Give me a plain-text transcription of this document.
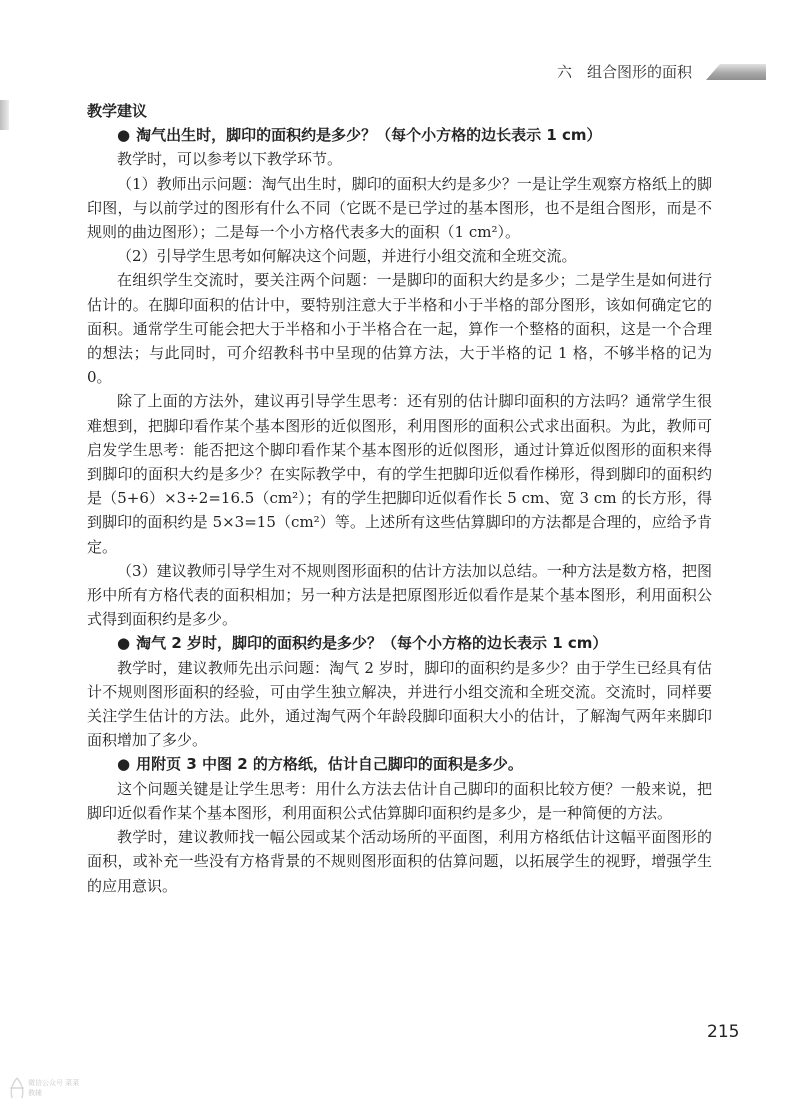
六　组合图形的面积

教学建议

● 淘气出生时，脚印的面积约是多少？（每个小方格的边长表示 1 cm）

教学时，可以参考以下教学环节。

（1）教师出示问题：淘气出生时，脚印的面积大约是多少？一是让学生观察方格纸上的脚印图，与以前学过的图形有什么不同（它既不是已学过的基本图形，也不是组合图形，而是不规则的曲边图形）；二是每一个小方格代表多大的面积（1 cm²）。

（2）引导学生思考如何解决这个问题，并进行小组交流和全班交流。

在组织学生交流时，要关注两个问题：一是脚印的面积大约是多少；二是学生是如何进行估计的。在脚印面积的估计中，要特别注意大于半格和小于半格的部分图形，该如何确定它的面积。通常学生可能会把大于半格和小于半格合在一起，算作一个整格的面积，这是一个合理的想法；与此同时，可介绍教科书中呈现的估算方法，大于半格的记 1 格，不够半格的记为 0。

除了上面的方法外，建议再引导学生思考：还有别的估计脚印面积的方法吗？通常学生很难想到，把脚印看作某个基本图形的近似图形，利用图形的面积公式求出面积。为此，教师可启发学生思考：能否把这个脚印看作某个基本图形的近似图形，通过计算近似图形的面积来得到脚印的面积大约是多少？在实际教学中，有的学生把脚印近似看作梯形，得到脚印的面积约是（5+6）×3÷2=16.5（cm²）；有的学生把脚印近似看作长 5 cm、宽 3 cm 的长方形，得到脚印的面积约是 5×3=15（cm²）等。上述所有这些估算脚印的方法都是合理的，应给予肯定。

（3）建议教师引导学生对不规则图形面积的估计方法加以总结。一种方法是数方格，把图形中所有方格代表的面积相加；另一种方法是把原图形近似看作是某个基本图形，利用面积公式得到面积约是多少。

● 淘气 2 岁时，脚印的面积约是多少？（每个小方格的边长表示 1 cm）

教学时，建议教师先出示问题：淘气 2 岁时，脚印的面积约是多少？由于学生已经具有估计不规则图形面积的经验，可由学生独立解决，并进行小组交流和全班交流。交流时，同样要关注学生估计的方法。此外，通过淘气两个年龄段脚印面积大小的估计，了解淘气两年来脚印面积增加了多少。

● 用附页 3 中图 2 的方格纸，估计自己脚印的面积是多少。

这个问题关键是让学生思考：用什么方法去估计自己脚印的面积比较方便？一般来说，把脚印近似看作某个基本图形，利用面积公式估算脚印面积约是多少，是一种简便的方法。

教学时，建议教师找一幅公园或某个活动场所的平面图，利用方格纸估计这幅平面图形的面积，或补充一些没有方格背景的不规则图形面积的估算问题，以拓展学生的视野，增强学生的应用意识。

215
微信公众号 菜菜教辅
